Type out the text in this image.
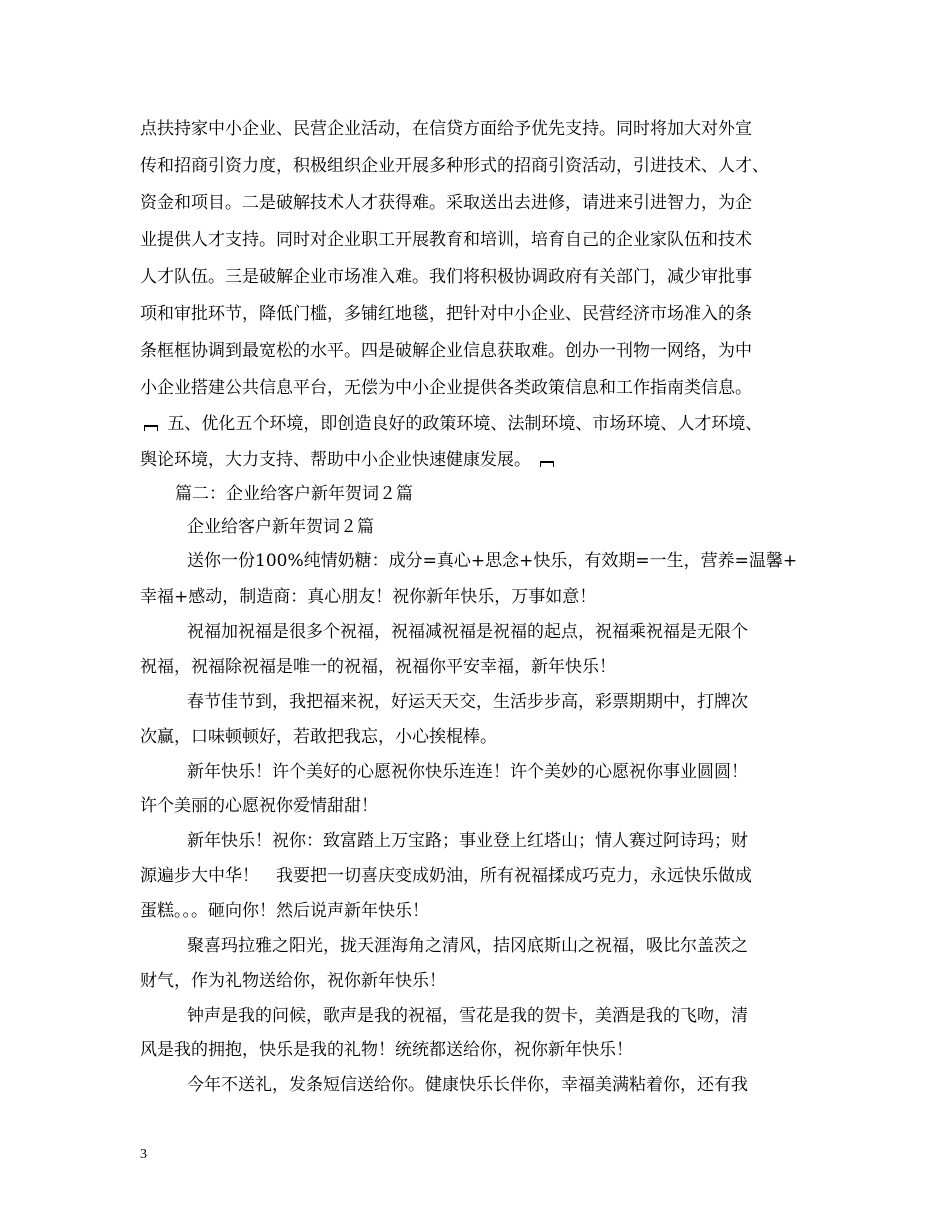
点扶持家中小企业、民营企业活动，在信贷方面给予优先支持。同时将加大对外宣
传和招商引资力度，积极组织企业开展多种形式的招商引资活动，引进技术、人才、
资金和项目。二是破解技术人才获得难。采取送出去进修，请进来引进智力，为企
业提供人才支持。同时对企业职工开展教育和培训，培育自己的企业家队伍和技术
人才队伍。三是破解企业市场准入难。我们将积极协调政府有关部门，减少审批事
项和审批环节，降低门槛，多铺红地毯，把针对中小企业、民营经济市场准入的条
条框框协调到最宽松的水平。四是破解企业信息获取难。创办一刊物一网络，为中
小企业搭建公共信息平台，无偿为中小企业提供各类政策信息和工作指南类信息。
五、优化五个环境，即创造良好的政策环境、法制环境、市场环境、人才环境、
舆论环境，大力支持、帮助中小企业快速健康发展。
篇二：企业给客户新年贺词２篇
企业给客户新年贺词２篇
送你一份100%纯情奶糖：成分=真心+思念+快乐，有效期=一生，营养=温馨+
幸福+感动，制造商：真心朋友！祝你新年快乐，万事如意！
祝福加祝福是很多个祝福，祝福减祝福是祝福的起点，祝福乘祝福是无限个
祝福，祝福除祝福是唯一的祝福，祝福你平安幸福，新年快乐！
春节佳节到，我把福来祝，好运天天交，生活步步高，彩票期期中，打牌次
次赢，口味顿顿好，若敢把我忘，小心挨棍棒。
新年快乐！许个美好的心愿祝你快乐连连！许个美妙的心愿祝你事业圆圆！
许个美丽的心愿祝你爱情甜甜！
新年快乐！祝你：致富踏上万宝路；事业登上红塔山；情人赛过阿诗玛；财
源遍步大中华！　我要把一切喜庆变成奶油，所有祝福揉成巧克力，永远快乐做成
蛋糕。。。砸向你！然后说声新年快乐！
聚喜玛拉雅之阳光，拢天涯海角之清风，拮冈底斯山之祝福，吸比尔盖茨之
财气，作为礼物送给你，祝你新年快乐！
钟声是我的问候，歌声是我的祝福，雪花是我的贺卡，美酒是我的飞吻，清
风是我的拥抱，快乐是我的礼物！统统都送给你，祝你新年快乐！
今年不送礼，发条短信送给你。健康快乐长伴你，幸福美满粘着你，还有我
3
